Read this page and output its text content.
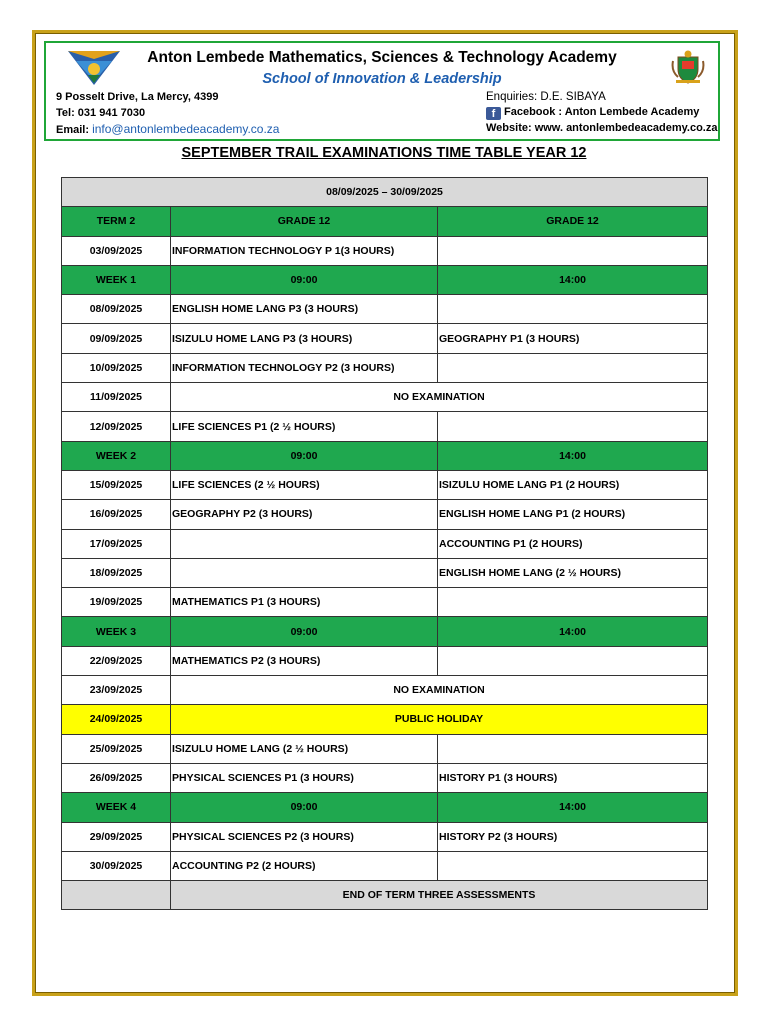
Anton Lembede Mathematics, Sciences & Technology Academy
School of Innovation & Leadership
9 Posselt Drive, La Mercy, 4399
Tel: 031 941 7030
Email: info@antonlembedeacademy.co.za
Enquiries: D.E. SIBAYA
f Facebook : Anton Lembede Academy
Website: www. antonlembedeacademy.co.za
SEPTEMBER TRAIL EXAMINATIONS TIME TABLE YEAR 12
08/09/2025 – 30/09/2025		
TERM 2	GRADE 12	GRADE 12
03/09/2025	INFORMATION TECHNOLOGY P 1(3 HOURS)	
WEEK 1	09:00	14:00
08/09/2025	ENGLISH HOME LANG P3 (3 HOURS)	
09/09/2025	ISIZULU HOME LANG P3 (3 HOURS)	GEOGRAPHY P1 (3 HOURS)
10/09/2025	INFORMATION TECHNOLOGY P2 (3 HOURS)	
11/09/2025	NO EXAMINATION	
12/09/2025	LIFE SCIENCES P1 (2 ½ HOURS)	
WEEK 2	09:00	14:00
15/09/2025	LIFE SCIENCES (2 ½ HOURS)	ISIZULU HOME LANG P1 (2 HOURS)
16/09/2025	GEOGRAPHY P2 (3 HOURS)	ENGLISH HOME LANG P1 (2 HOURS)
17/09/2025		ACCOUNTING P1 (2 HOURS)
18/09/2025		ENGLISH HOME LANG (2 ½ HOURS)
19/09/2025	MATHEMATICS P1 (3 HOURS)	
WEEK 3	09:00	14:00
22/09/2025	MATHEMATICS P2 (3 HOURS)	
23/09/2025	NO EXAMINATION	
24/09/2025	PUBLIC HOLIDAY	
25/09/2025	ISIZULU HOME LANG (2 ½ HOURS)	
26/09/2025	PHYSICAL SCIENCES P1 (3 HOURS)	HISTORY P1 (3 HOURS)
WEEK 4	09:00	14:00
29/09/2025	PHYSICAL SCIENCES P2 (3 HOURS)	HISTORY P2 (3 HOURS)
30/09/2025	ACCOUNTING P2 (2 HOURS)	
	END OF TERM THREE ASSESSMENTS	
